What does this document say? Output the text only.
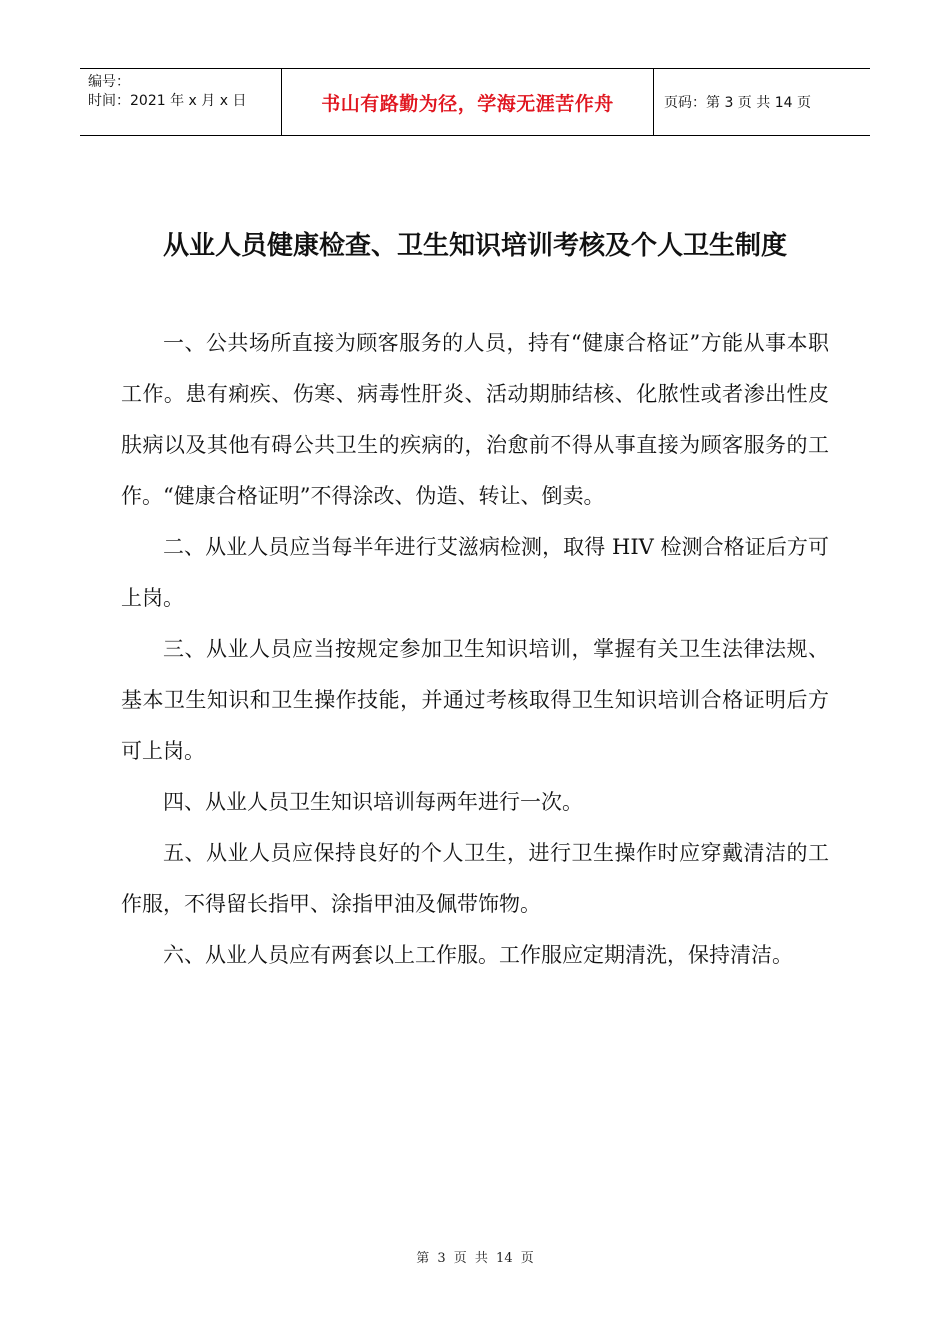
编号：
时间：2021 年 x 月 x 日	书山有路勤为径，学海无涯苦作舟	页码：第 3 页 共 14 页
从业人员健康检查、卫生知识培训考核及个人卫生制度

一、公共场所直接为顾客服务的人员，持有“健康合格证”方能从事本职工作。患有痢疾、伤寒、病毒性肝炎、活动期肺结核、化脓性或者渗出性皮肤病以及其他有碍公共卫生的疾病的，治愈前不得从事直接为顾客服务的工作。“健康合格证明”不得涂改、伪造、转让、倒卖。

二、从业人员应当每半年进行艾滋病检测，取得 HIV 检测合格证后方可上岗。

三、从业人员应当按规定参加卫生知识培训，掌握有关卫生法律法规、基本卫生知识和卫生操作技能，并通过考核取得卫生知识培训合格证明后方可上岗。

四、从业人员卫生知识培训每两年进行一次。

五、从业人员应保持良好的个人卫生，进行卫生操作时应穿戴清洁的工作服，不得留长指甲、涂指甲油及佩带饰物。

六、从业人员应有两套以上工作服。工作服应定期清洗，保持清洁。

第 3 页 共 14 页
